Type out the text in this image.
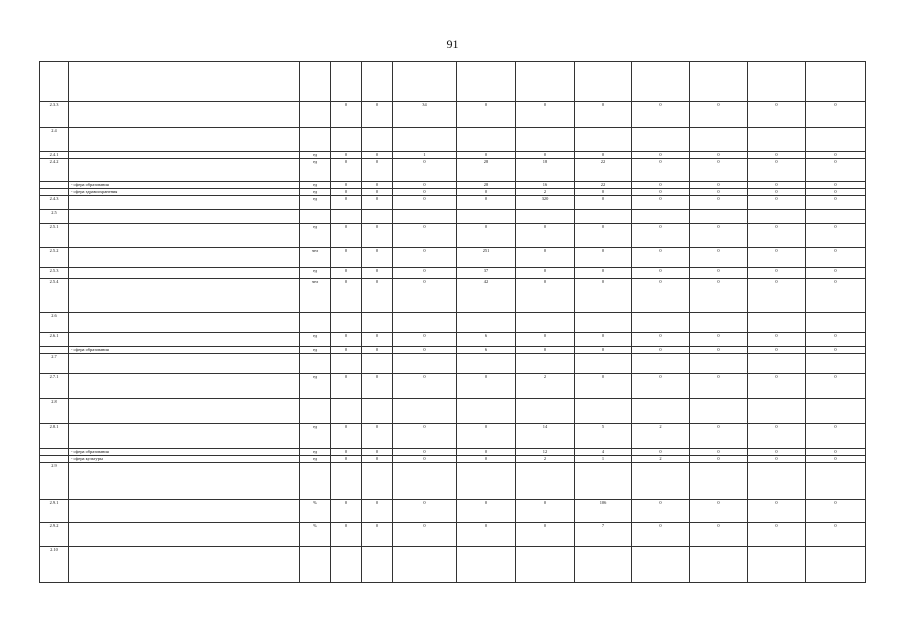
91

2.3.3			0	0	34	0	0	0	0	0	0	0
2.4												
2.4.1		ед	0	0	1	0	0	0	0	0	0	0
2.4.2		ед	0	0	0	28	18	22	0	0	0	0
	- сфера образования	ед	0	0	0	28	16	22	0	0	0	0
	- сфера здравоохранения	ед	0	0	0	0	2	0	0	0	0	0
2.4.3		ед	0	0	0	0	320	0	0	0	0	0
2.5												
2.5.1		ед	0	0	0	0	0	0	0	0	0	0
2.5.2		чел	0	0	0	251	0	0	0	0	0	0
2.5.3		ед	0	0	0	37	0	0	0	0	0	0
2.5.4		чел	0	0	0	42	0	0	0	0	0	0
2.6												
2.6.1		ед	0	0	0	6	0	0	0	0	0	0
	- сфера образования	ед	0	0	0	6	0	0	0	0	0	0
2.7												
2.7.1		ед	0	0	0	0	2	0	0	0	0	0
2.8												
2.8.1		ед	0	0	0	0	14	5	2	0	0	0
	- сфера образования	ед	0	0	0	0	12	4	0	0	0	0
	- сфера культуры	ед	0	0	0	0	2	1	2	0	0	0
2.9												
2.9.1		%	0	0	0	0	0	106	0	0	0	0
2.9.2		%	0	0	0	0	0	7	0	0	0	0
2.10												
